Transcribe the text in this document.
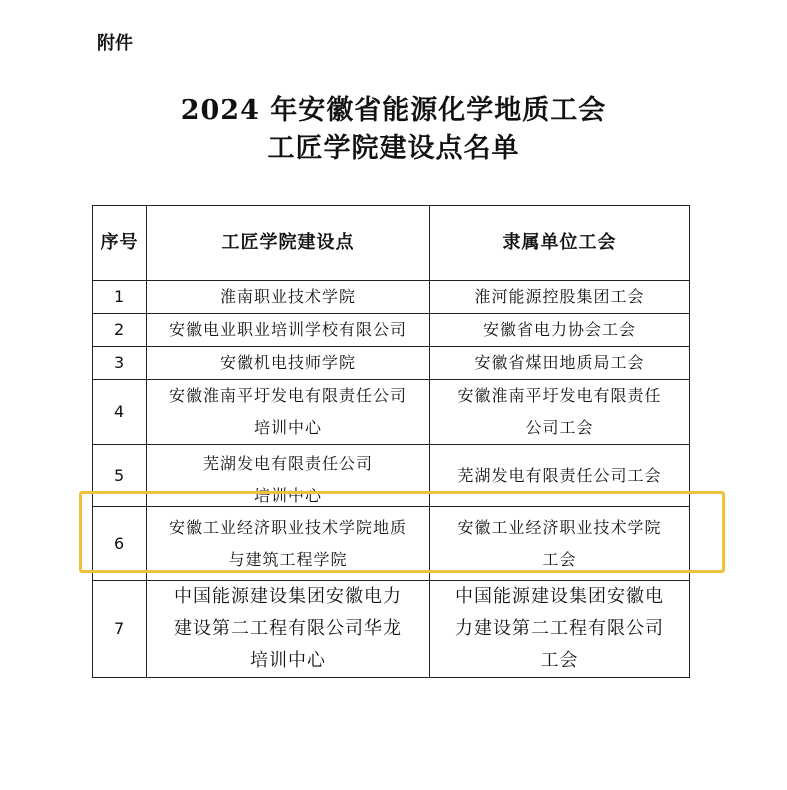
附件
2024 年安徽省能源化学地质工会
工匠学院建设点名单
序号	工匠学院建设点	隶属单位工会
1	淮南职业技术学院	淮河能源控股集团工会

2	安徽电业职业培训学校有限公司	安徽省电力协会工会

3	安徽机电技师学院	安徽省煤田地质局工会

4	安徽淮南平圩发电有限责任公司
培训中心	安徽淮南平圩发电有限责任
公司工会

5	芜湖发电有限责任公司
培训中心	芜湖发电有限责任公司工会

6	安徽工业经济职业技术学院地质
与建筑工程学院	安徽工业经济职业技术学院
工会

7	中国能源建设集团安徽电力
建设第二工程有限公司华龙
培训中心	中国能源建设集团安徽电
力建设第二工程有限公司
工会
